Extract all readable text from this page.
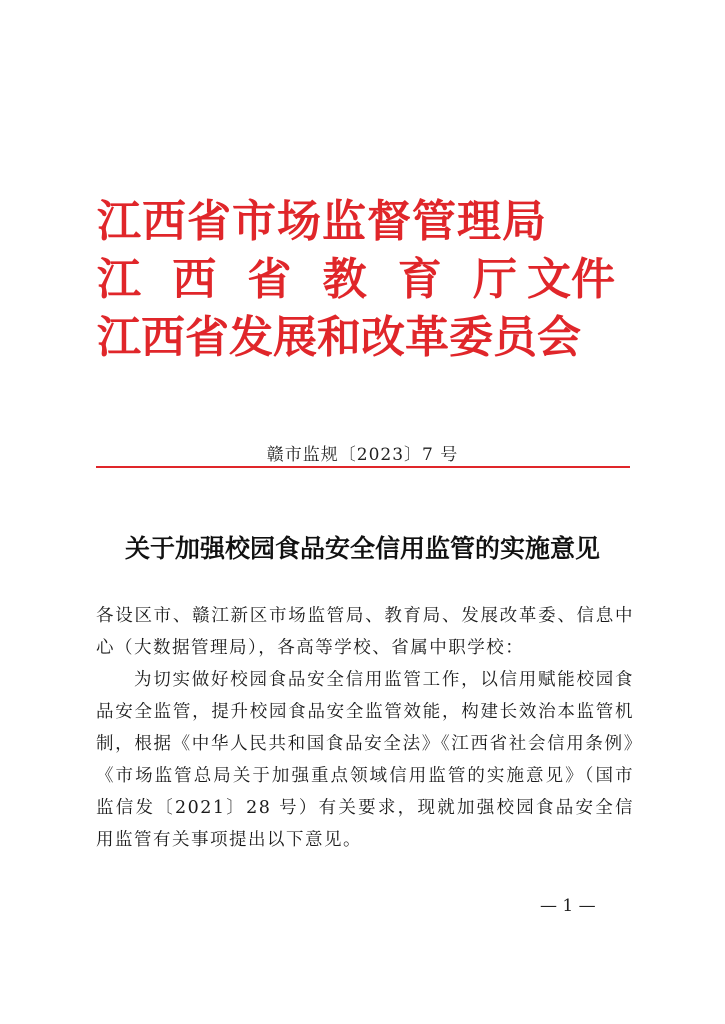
江西省市场监督管理局
江 西 省 教 育 厅 文件
江西省发展和改革委员会

赣市监规〔2023〕7 号

关于加强校园食品安全信用监管的实施意见

各设区市、赣江新区市场监管局、教育局、发展改革委、信息中心（大数据管理局），各高等学校、省属中职学校：

为切实做好校园食品安全信用监管工作，以信用赋能校园食品安全监管，提升校园食品安全监管效能，构建长效治本监管机制，根据《中华人民共和国食品安全法》《江西省社会信用条例》《市场监管总局关于加强重点领域信用监管的实施意见》（国市监信发〔2021〕28 号）有关要求，现就加强校园食品安全信用监管有关事项提出以下意见。

— 1 —
